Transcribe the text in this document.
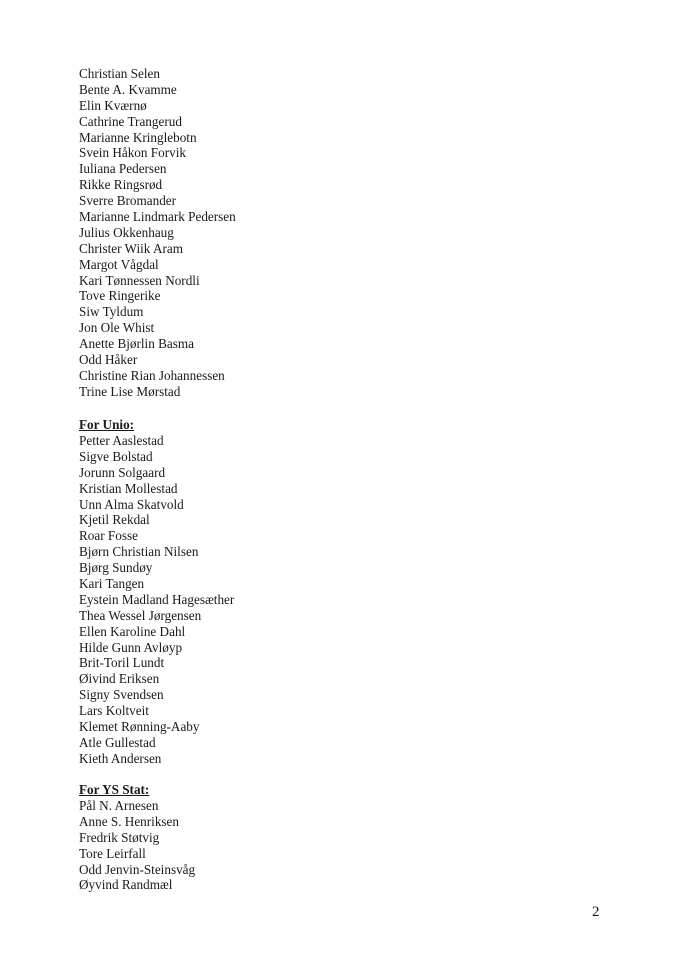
Christian Selen
Bente A. Kvamme
Elin Kværnø
Cathrine Trangerud
Marianne Kringlebotn
Svein Håkon Forvik
Iuliana Pedersen
Rikke Ringsrød
Sverre Bromander
Marianne Lindmark Pedersen
Julius Okkenhaug
Christer Wiik Aram
Margot Vågdal
Kari Tønnessen Nordli
Tove Ringerike
Siw Tyldum
Jon Ole Whist
Anette Bjørlin Basma
Odd Håker
Christine Rian Johannessen
Trine Lise Mørstad

For Unio:

Petter Aaslestad
Sigve Bolstad
Jorunn Solgaard
Kristian Mollestad
Unn Alma Skatvold
Kjetil Rekdal
Roar Fosse
Bjørn Christian Nilsen
Bjørg Sundøy
Kari Tangen
Eystein Madland Hagesæther
Thea Wessel Jørgensen
Ellen Karoline Dahl
Hilde Gunn Avløyp
Brit-Toril Lundt
Øivind Eriksen
Signy Svendsen
Lars Koltveit
Klemet Rønning-Aaby
Atle Gullestad
Kieth Andersen

For YS Stat:

Pål N. Arnesen
Anne S. Henriksen
Fredrik Støtvig
Tore Leirfall
Odd Jenvin-Steinsvåg
Øyvind Randmæl
2
